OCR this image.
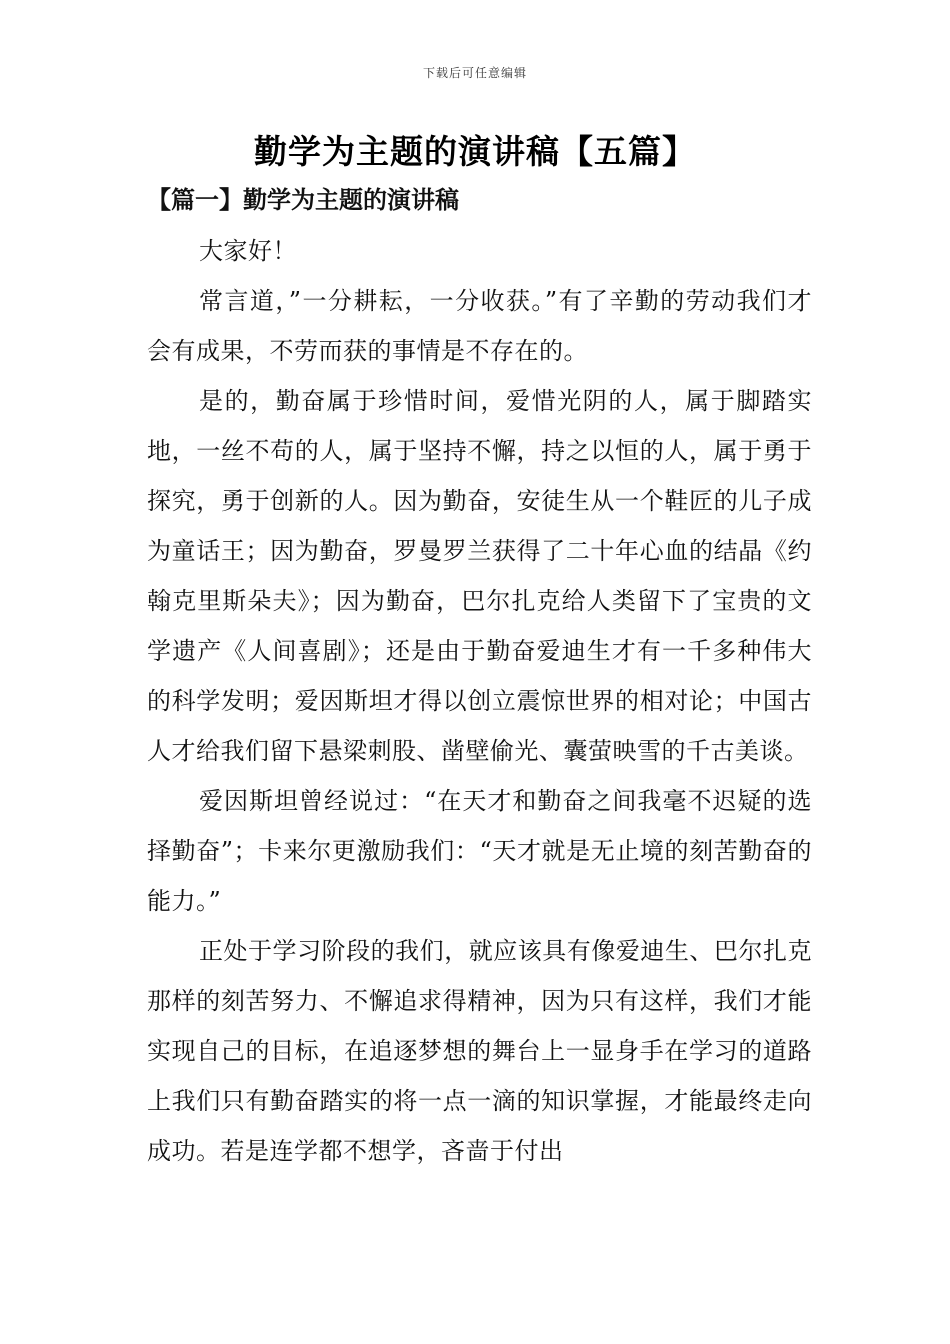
下载后可任意编辑
勤学为主题的演讲稿【五篇】
【篇一】勤学为主题的演讲稿

大家好！

常言道，”一分耕耘，一分收获。”有了辛勤的劳动我们才会有成果，不劳而获的事情是不存在的。

是的，勤奋属于珍惜时间，爱惜光阴的人，属于脚踏实地，一丝不苟的人，属于坚持不懈，持之以恒的人，属于勇于探究，勇于创新的人。因为勤奋，安徒生从一个鞋匠的儿子成为童话王；因为勤奋，罗曼罗兰获得了二十年心血的结晶《约翰克里斯朵夫》；因为勤奋，巴尔扎克给人类留下了宝贵的文学遗产《人间喜剧》；还是由于勤奋爱迪生才有一千多种伟大的科学发明；爱因斯坦才得以创立震惊世界的相对论；中国古人才给我们留下悬梁刺股、凿壁偷光、囊萤映雪的千古美谈。

爱因斯坦曾经说过：“在天才和勤奋之间我毫不迟疑的选择勤奋”；卡来尔更激励我们：“天才就是无止境的刻苦勤奋的能力。”

正处于学习阶段的我们，就应该具有像爱迪生、巴尔扎克那样的刻苦努力、不懈追求得精神，因为只有这样，我们才能实现自己的目标，在追逐梦想的舞台上一显身手在学习的道路上我们只有勤奋踏实的将一点一滴的知识掌握，才能最终走向成功。若是连学都不想学，吝啬于付出
